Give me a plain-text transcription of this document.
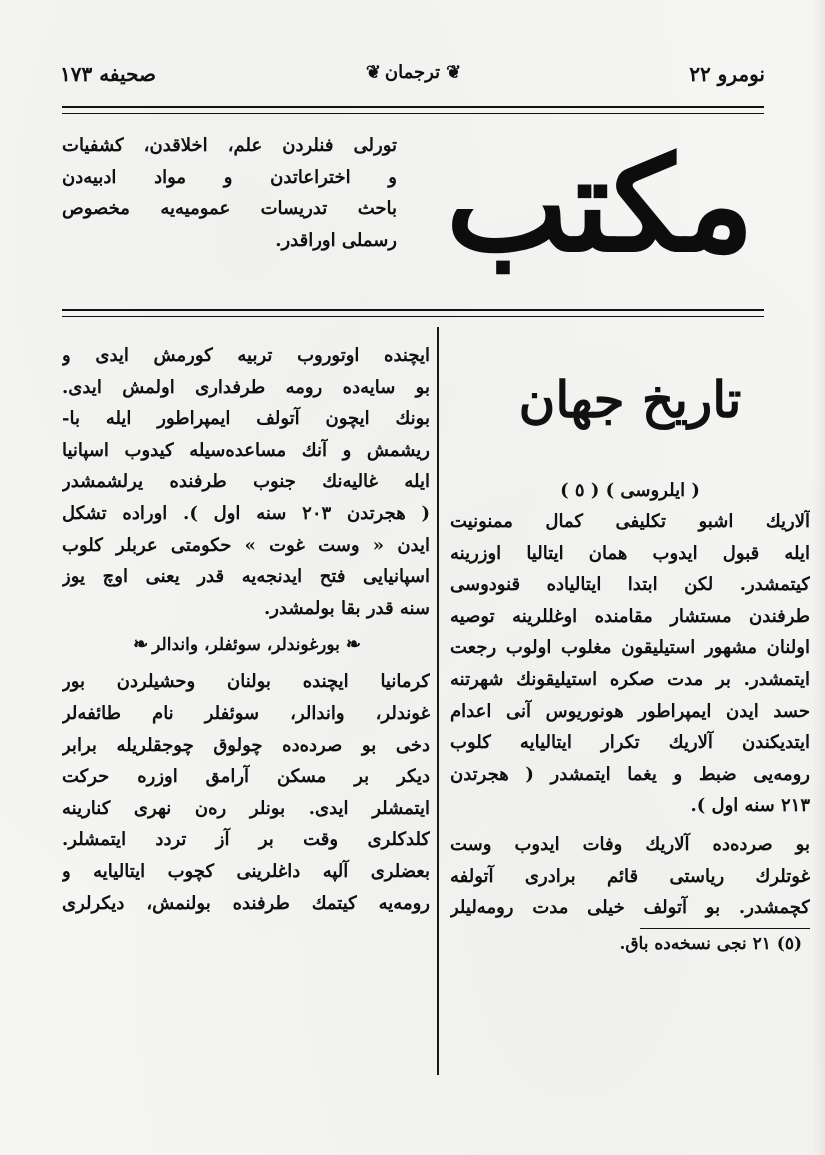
نومرو ۲۲
❦
ترجمان
❦
صحيفه ۱۷۳
مكتب
تورلى فنلردن علم، اخلاقدن، كشفيات
و اختراعاتدن و مواد ادبيه‌دن
باحث تدريسات عموميه‌يه مخصوص
رسملى اوراقدر.
تاريخ جهان
( ايلروسى ) ( ٥ )
آلاريك اشبو تكليفى كمال ممنونيت
ايله قبول ايدوب همان ايتاليا اوزرينه
كيتمشدر. لكن ابتدا ايتاليا‌ده قنودوسى
طرفندن مستشار مقامنده اوغللرينه توصيه
اولنان مشهور استيليقون مغلوب اولوب رجعت
ايتمشدر. بر مدت صكره استيليقونك شهرتنه
حسد ايدن ايمپراطور هونوريوس آنى اعدام
ايتديكندن آلاريك تكرار ايتاليايه كلوب
رومه‌يى ضبط و يغما ايتمشدر ( هجرتدن
۲۱۳ سنه اول ).
بو صرده‌ده آلاريك وفات ايدوب وست
غوتلرك رياستى قائم برادرى آتولفه
كچمشدر. بو آتولف خيلى مدت رومه‌ليلر
(٥) ۲۱ نجى نسخه‌ده باق.
ايچنده اوتوروب تربيه كورمش ايدى و
بو سايه‌ده رومه طرفدارى اولمش ايدى.
بونك ايچون آتولف ايمپراطور ايله با-
ريشمش و آنك مساعده‌سيله كيدوب اسپانيا
ايله غاليه‌نك جنوب طرفنده يرلشمشدر
( هجرتدن ۲۰۳ سنه اول ). اوراده تشكل
ايدن « وست غوت » حكومتى عربلر كلوب
اسپانيايى فتح ايدنجه‌يه قدر يعنى اوچ يوز
سنه قدر بقا بولمشدر.
❧
بورغوندلر، سوئفلر، واندالر
❧
كرمانيا ايچنده بولنان وحشيلردن بور
غوندلر، واندالر، سوئفلر نام طائفه‌لر
دخى بو صرده‌ده چولوق چوجقلريله برابر
ديكر بر مسكن آرامق اوزره حركت
ايتمشلر ايدى. بونلر رەن نهرى كنارينه
كلدكلرى وقت بر آز تردد ايتمشلر.
بعضلرى آلپه داغلرينى كچوب ايتاليايه و
رومه‌يه كيتمك طرفنده بولنمش، ديكرلرى
